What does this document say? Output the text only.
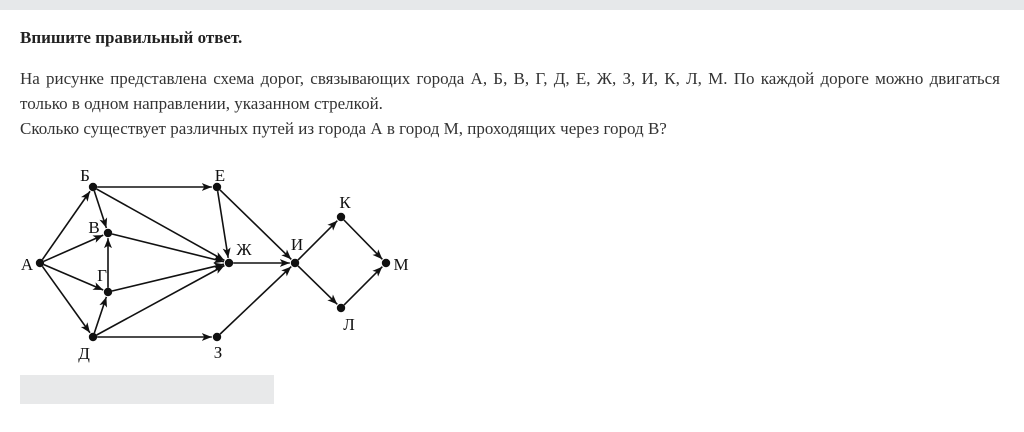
Впишите правильный ответ.

На рисунке представлена схема дорог, связывающих города А, Б, В, Г, Д, Е, Ж, З, И, К, Л, М. По каждой дороге можно двигаться только в одном направлении, указанном стрелкой.

Сколько существует различных путей из города А в город М, проходящих через город В?

А
Б
В
Г
Д
Е
Ж
З
И
К
Л
М
